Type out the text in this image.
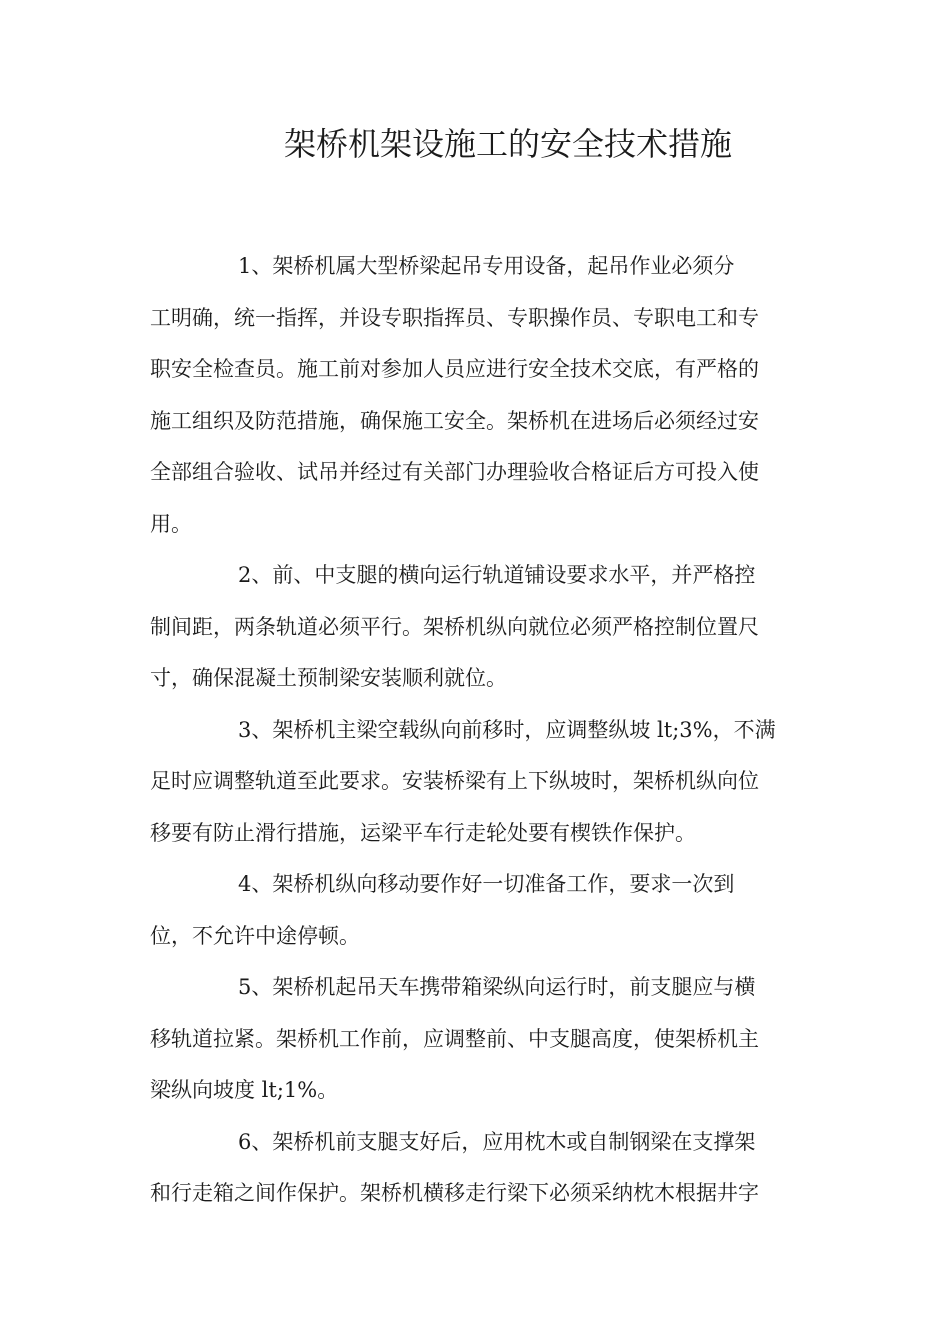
架桥机架设施工的安全技术措施

1、架桥机属大型桥梁起吊专用设备，起吊作业必须分
工明确，统一指挥，并设专职指挥员、专职操作员、专职电工和专
职安全检查员。施工前对参加人员应进行安全技术交底，有严格的
施工组织及防范措施，确保施工安全。架桥机在进场后必须经过安
全部组合验收、试吊并经过有关部门办理验收合格证后方可投入使
用。

2、前、中支腿的横向运行轨道铺设要求水平，并严格控
制间距，两条轨道必须平行。架桥机纵向就位必须严格控制位置尺
寸，确保混凝土预制梁安装顺利就位。

3、架桥机主梁空载纵向前移时，应调整纵坡 lt;3%，不满
足时应调整轨道至此要求。安装桥梁有上下纵坡时，架桥机纵向位
移要有防止滑行措施，运梁平车行走轮处要有楔铁作保护。

4、架桥机纵向移动要作好一切准备工作，要求一次到
位，不允许中途停顿。

5、架桥机起吊天车携带箱梁纵向运行时，前支腿应与横
移轨道拉紧。架桥机工作前，应调整前、中支腿高度，使架桥机主
梁纵向坡度 lt;1%。

6、架桥机前支腿支好后，应用枕木或自制钢梁在支撑架
和行走箱之间作保护。架桥机横移走行梁下必须采纳枕木根据井字
